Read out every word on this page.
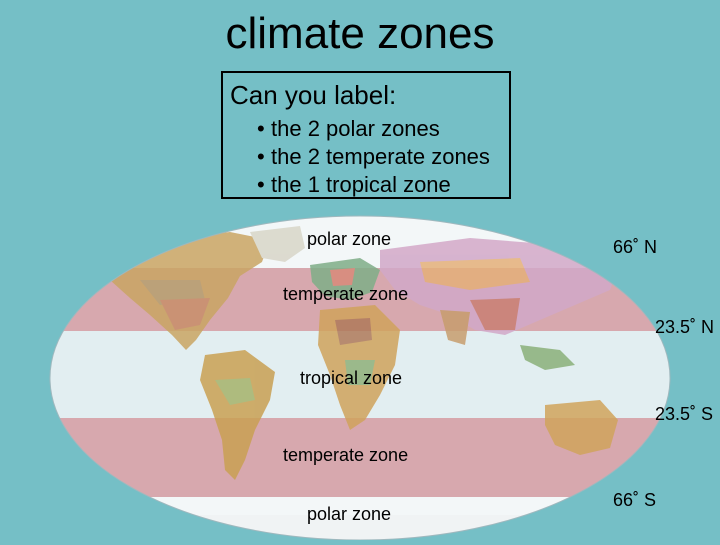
climate zones
Can you label:
• the 2 polar zones
• the 2 temperate zones
• the 1 tropical zone
polar zone
temperate zone
tropical zone
temperate zone
polar zone
66˚ N
23.5˚ N
23.5˚ S
66˚ S
